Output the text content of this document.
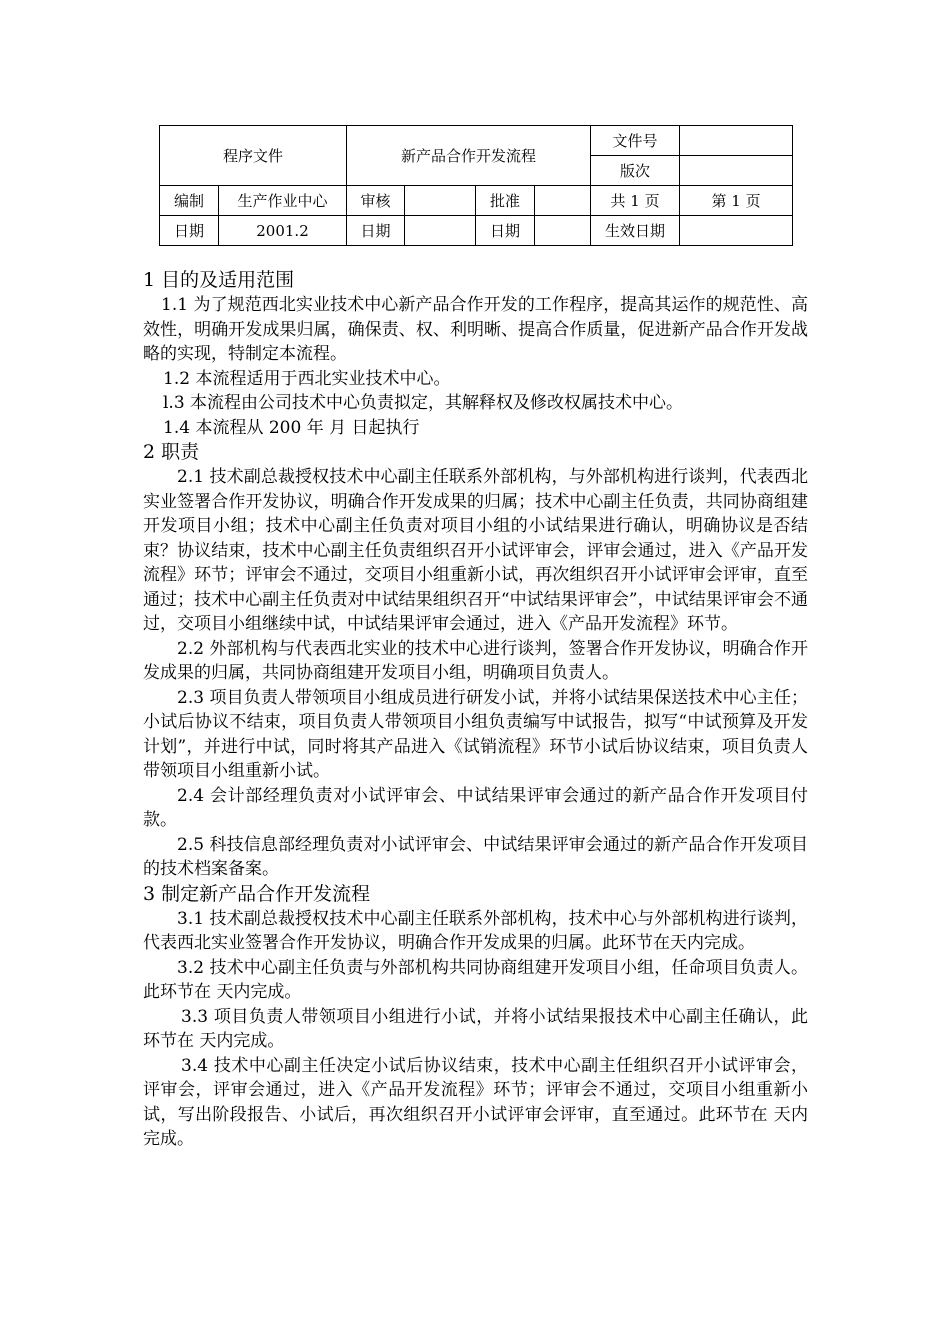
程序文件		新产品合作开发流程				文件号	
						版次	
编制	生产作业中心	审核		批准		共 1 页	第 1 页
日期	2001.2	日期		日期		生效日期	
1 目的及适用范围

1.1 为了规范西北实业技术中心新产品合作开发的工作程序，提高其运作的规范性、高效性，明确开发成果归属，确保责、权、利明晰、提高合作质量，促进新产品合作开发战略的实现，特制定本流程。

1.2 本流程适用于西北实业技术中心。

l.3 本流程由公司技术中心负责拟定，其解释权及修改权属技术中心。

1.4 本流程从 200 年 月 日起执行

2 职责

2.1 技术副总裁授权技术中心副主任联系外部机构，与外部机构进行谈判，代表西北实业签署合作开发协议，明确合作开发成果的归属；技术中心副主任负责，共同协商组建开发项目小组；技术中心副主任负责对项目小组的小试结果进行确认，明确协议是否结束？协议结束，技术中心副主任负责组织召开小试评审会，评审会通过，进入《产品开发流程》环节；评审会不通过，交项目小组重新小试，再次组织召开小试评审会评审，直至通过；技术中心副主任负责对中试结果组织召开“中试结果评审会”，中试结果评审会不通过，交项目小组继续中试，中试结果评审会通过，进入《产品开发流程》环节。

2.2 外部机构与代表西北实业的技术中心进行谈判，签署合作开发协议，明确合作开发成果的归属，共同协商组建开发项目小组，明确项目负责人。

2.3 项目负责人带领项目小组成员进行研发小试，并将小试结果保送技术中心主任；小试后协议不结束，项目负责人带领项目小组负责编写中试报告，拟写“中试预算及开发计划”，并进行中试，同时将其产品进入《试销流程》环节小试后协议结束，项目负责人带领项目小组重新小试。

2.4 会计部经理负责对小试评审会、中试结果评审会通过的新产品合作开发项目付款。

2.5 科技信息部经理负责对小试评审会、中试结果评审会通过的新产品合作开发项目的技术档案备案。

3 制定新产品合作开发流程

3.1 技术副总裁授权技术中心副主任联系外部机构，技术中心与外部机构进行谈判，代表西北实业签署合作开发协议，明确合作开发成果的归属。此环节在天内完成。

3.2 技术中心副主任负责与外部机构共同协商组建开发项目小组，任命项目负责人。此环节在 天内完成。

3.3 项目负责人带领项目小组进行小试，并将小试结果报技术中心副主任确认，此环节在 天内完成。

3.4 技术中心副主任决定小试后协议结束，技术中心副主任组织召开小试评审会，评审会，评审会通过，进入《产品开发流程》环节；评审会不通过，交项目小组重新小试，写出阶段报告、小试后，再次组织召开小试评审会评审，直至通过。此环节在 天内完成。
